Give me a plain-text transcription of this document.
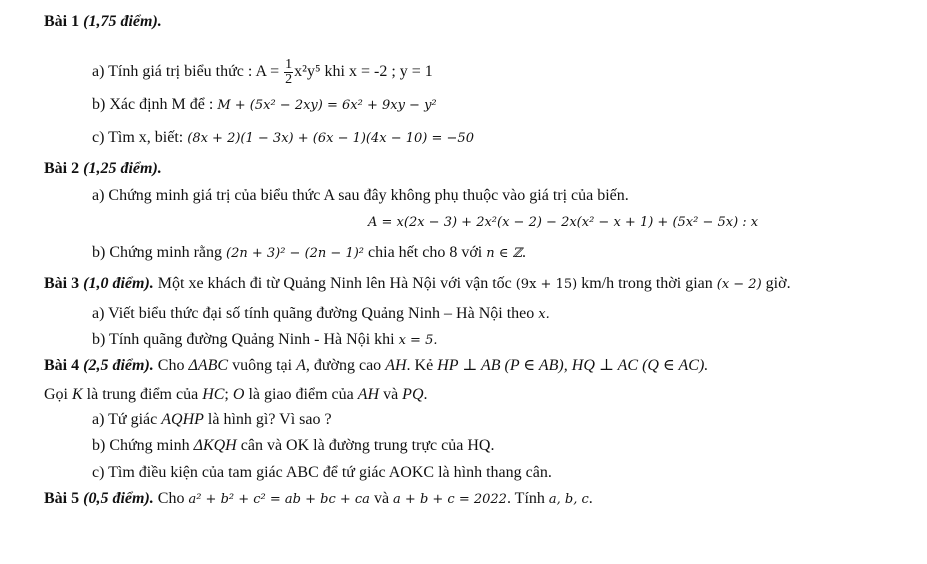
Bài 1 (1,75 điểm).
a) Tính giá trị biểu thức : $A = \frac{1}{2} x^2y^5$ khi x = -2 ; y = 1
b) Xác định M để : M + (5x² − 2xy) = 6x² + 9xy − y²
c) Tìm x, biết: (8x + 2)(1 − 3x) + (6x − 1)(4x − 10) = −50
Bài 2 (1,25 điểm).
a) Chứng minh giá trị của biểu thức A sau đây không phụ thuộc vào giá trị của biến.
A = x(2x − 3) + 2x²(x − 2) − 2x(x² − x + 1) + (5x² − 5x) : x
b) Chứng minh rằng (2n + 3)² − (2n − 1)² chia hết cho 8 với n ∈ ℤ.
Bài 3 (1,0 điểm). Một xe khách đi từ Quảng Ninh lên Hà Nội với vận tốc (9x + 15) km/h trong thời gian (x − 2) giờ.
a) Viết biểu thức đại số tính quãng đường Quảng Ninh – Hà Nội theo x.
b) Tính quãng đường Quảng Ninh - Hà Nội khi x = 5.
Bài 4 (2,5 điểm). Cho ΔABC vuông tại A, đường cao AH. Kẻ HP ⊥ AB (P ∈ AB), HQ ⊥ AC (Q ∈ AC).
Gọi K là trung điểm của HC; O là giao điểm của AH và PQ.
a) Tứ giác AQHP là hình gì? Vì sao ?
b) Chứng minh ΔKQH cân và OK là đường trung trực của HQ.
c) Tìm điều kiện của tam giác ABC để tứ giác AOKC là hình thang cân.
Bài 5 (0,5 điểm). Cho a² + b² + c² = ab + bc + ca và a + b + c = 2022. Tính a, b, c.
